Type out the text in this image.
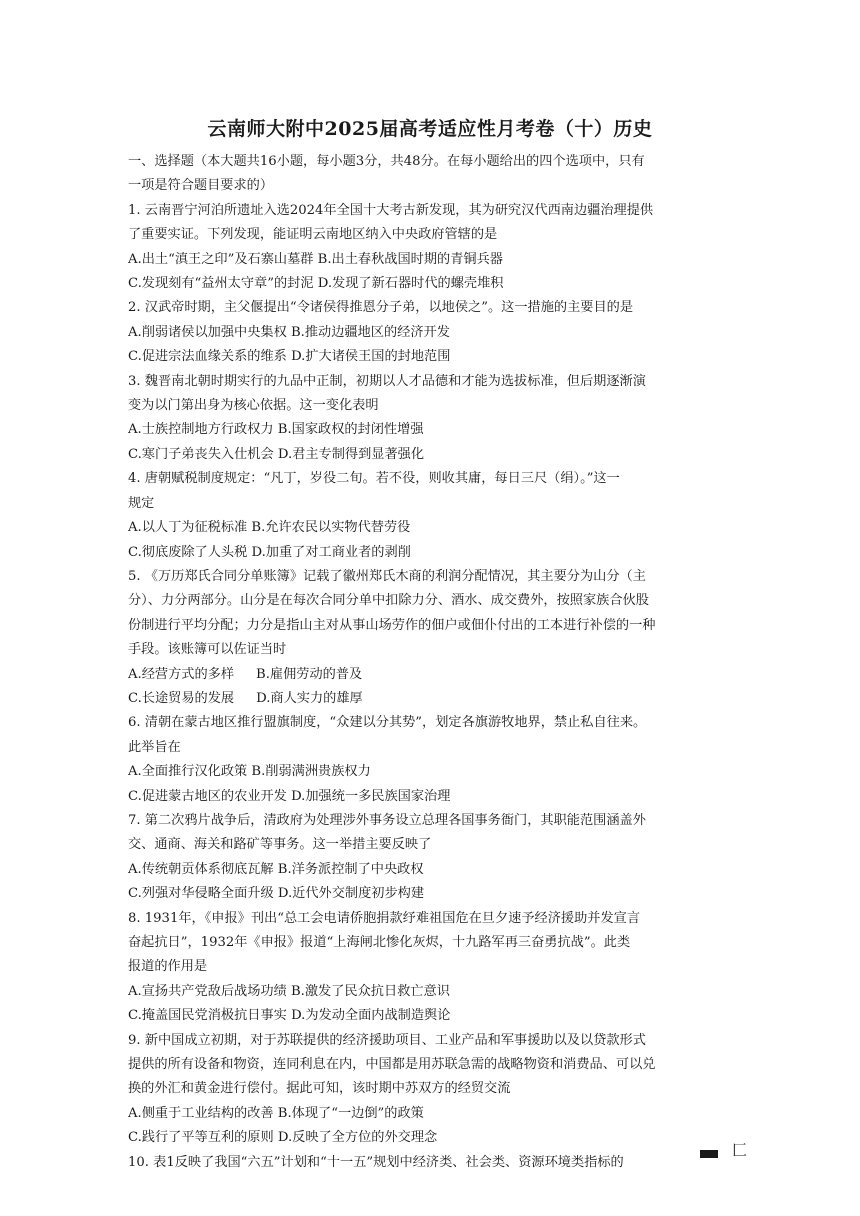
云南师大附中2025届高考适应性月考卷（十）历史
一、选择题（本大题共16小题，每小题3分，共48分。在每小题给出的四个选项中，只有
一项是符合题目要求的）
1. 云南晋宁河泊所遗址入选2024年全国十大考古新发现，其为研究汉代西南边疆治理提供
了重要实证。下列发现，能证明云南地区纳入中央政府管辖的是
A.出土“滇王之印”及石寨山墓群 B.出土春秋战国时期的青铜兵器
C.发现刻有“益州太守章”的封泥 D.发现了新石器时代的螺壳堆积
2. 汉武帝时期，主父偃提出“令诸侯得推恩分子弟，以地侯之”。这一措施的主要目的是
A.削弱诸侯以加强中央集权 B.推动边疆地区的经济开发
C.促进宗法血缘关系的维系 D.扩大诸侯王国的封地范围
3. 魏晋南北朝时期实行的九品中正制，初期以人才品德和才能为选拔标准，但后期逐渐演
变为以门第出身为核心依据。这一变化表明
A.士族控制地方行政权力 B.国家政权的封闭性增强
C.寒门子弟丧失入仕机会 D.君主专制得到显著强化
4. 唐朝赋税制度规定：“凡丁，岁役二旬。若不役，则收其庸，每日三尺（绢）。”这一
规定
A.以人丁为征税标准 B.允许农民以实物代替劳役
C.彻底废除了人头税 D.加重了对工商业者的剥削
5. 《万历郑氏合同分单账簿》记载了徽州郑氏木商的利润分配情况，其主要分为山分（主
分）、力分两部分。山分是在每次合同分单中扣除力分、酒水、成交费外，按照家族合伙股
份制进行平均分配；力分是指山主对从事山场劳作的佃户或佃仆付出的工本进行补偿的一种
手段。该账簿可以佐证当时
A.经营方式的多样 B.雇佣劳动的普及
C.长途贸易的发展 D.商人实力的雄厚
6. 清朝在蒙古地区推行盟旗制度，“众建以分其势”，划定各旗游牧地界，禁止私自往来。
此举旨在
A.全面推行汉化政策 B.削弱满洲贵族权力
C.促进蒙古地区的农业开发 D.加强统一多民族国家治理
7. 第二次鸦片战争后，清政府为处理涉外事务设立总理各国事务衙门，其职能范围涵盖外
交、通商、海关和路矿等事务。这一举措主要反映了
A.传统朝贡体系彻底瓦解 B.洋务派控制了中央政权
C.列强对华侵略全面升级 D.近代外交制度初步构建
8. 1931年，《申报》刊出“总工会电请侨胞捐款纾难祖国危在旦夕速予经济援助并发宣言
奋起抗日”，1932年《申报》报道“上海闸北惨化灰烬，十九路军再三奋勇抗战”。此类
报道的作用是
A.宣扬共产党敌后战场功绩 B.激发了民众抗日救亡意识
C.掩盖国民党消极抗日事实 D.为发动全面内战制造舆论
9. 新中国成立初期，对于苏联提供的经济援助项目、工业产品和军事援助以及以贷款形式
提供的所有设备和物资，连同利息在内，中国都是用苏联急需的战略物资和消费品、可以兑
换的外汇和黄金进行偿付。据此可知，该时期中苏双方的经贸交流
A.侧重于工业结构的改善 B.体现了“一边倒”的政策
C.践行了平等互利的原则 D.反映了全方位的外交理念
10. 表1反映了我国“六五”计划和“十一五”规划中经济类、社会类、资源环境类指标的
匚
